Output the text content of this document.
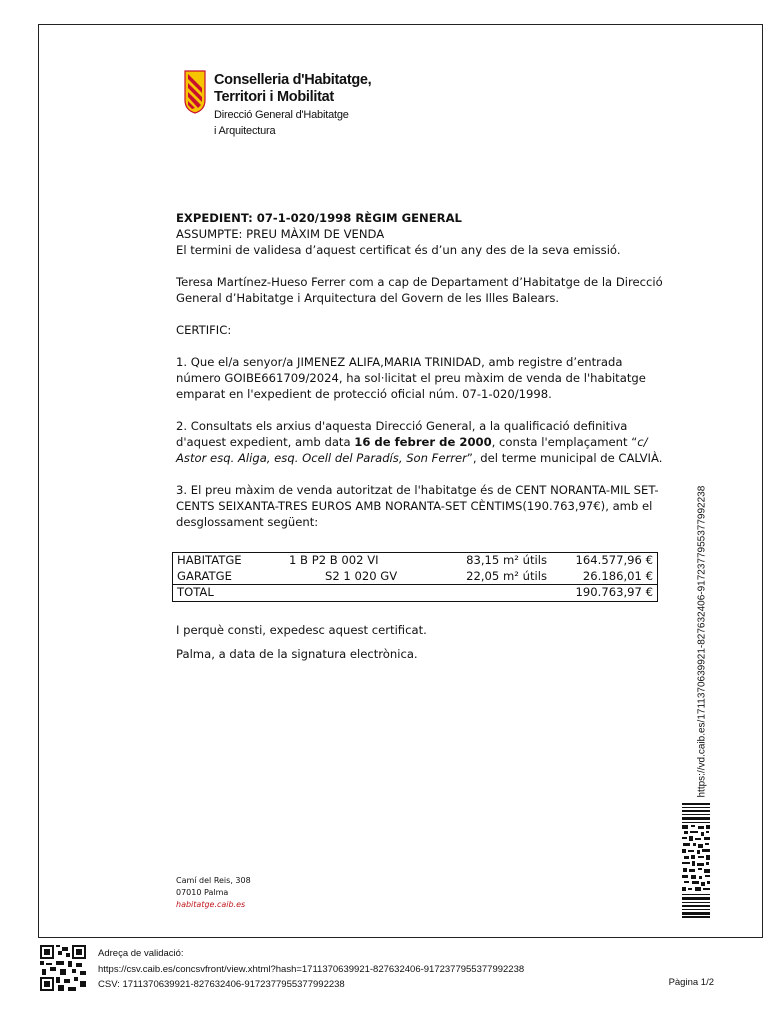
Conselleria d'Habitatge,
Territori i Mobilitat
Direcció General d'Habitatge
i Arquitectura

EXPEDIENT: 07-1-020/1998 RÈGIM GENERAL

ASSUMPTE: PREU MÀXIM DE VENDA

El termini de validesa d’aquest certificat és d’un any des de la seva emissió.

Teresa Martínez-Hueso Ferrer com a cap de Departament d’Habitatge de la Direcció General d’Habitatge i Arquitectura del Govern de les Illes Balears.

CERTIFIC:

1. Que el/a senyor/a JIMENEZ ALIFA,MARIA TRINIDAD, amb registre d’entrada número GOIBE661709/2024, ha sol·licitat el preu màxim de venda de l'habitatge emparat en l'expedient de protecció oficial núm. 07-1-020/1998.

2. Consultats els arxius d'aquesta Direcció General, a la qualificació definitiva d'aquest expedient, amb data 16 de febrer de 2000, consta l'emplaçament “c/ Astor esq. Aliga, esq. Ocell del Paradís, Son Ferrer”, del terme municipal de CALVIÀ.

3. El preu màxim de venda autoritzat de l'habitatge és de CENT NORANTA-MIL SET-CENTS SEIXANTA-TRES EUROS AMB NORANTA-SET CÈNTIMS(190.763,97€), amb el desglossament següent:

HABITATGE	1 B P2 B 002 VI	83,15 m² útils	164.577,96 €
GARATGE	S2 1 020 GV	22,05 m² útils	26.186,01 €
TOTAL			190.763,97 €

I perquè consti, expedesc aquest certificat.

Palma, a data de la signatura electrònica.

Camí del Reis, 308
07010 Palma
habitatge.caib.es
https://vd.caib.es/1711370639921-827632406-9172377955377992238
Adreça de validació:
https://csv.caib.es/concsvfront/view.xhtml?hash=1711370639921-827632406-9172377955377992238
CSV: 1711370639921-827632406-9172377955377992238	Pàgina 1/2
